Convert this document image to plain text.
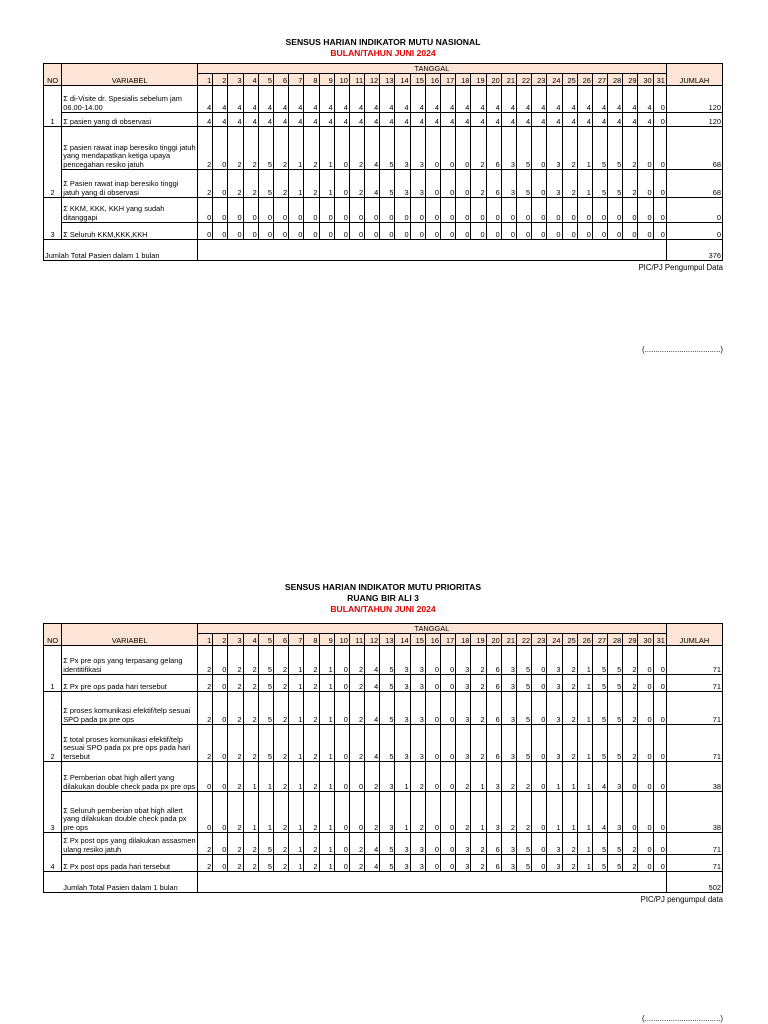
SENSUS HARIAN INDIKATOR MUTU NASIONAL
BULAN/TAHUN JUNI 2024
NO	VARIABEL	TANGGAL																															JUMLAH
		1	2	3	4	5	6	7	8	9	10	11	12	13	14	15	16	17	18	19	20	21	22	23	24	25	26	27	28	29	30	31	
1	Σ di-Visite dr. Spesialis sebelum jam 06.00-14.00	4	4	4	4	4	4	4	4	4	4	4	4	4	4	4	4	4	4	4	4	4	4	4	4	4	4	4	4	4	4	0	120
	Σ pasien yang di observasi	4	4	4	4	4	4	4	4	4	4	4	4	4	4	4	4	4	4	4	4	4	4	4	4	4	4	4	4	4	4	0	120
2	Σ pasien rawat inap beresiko tinggi jatuh yang mendapatkan ketiga upaya pencegahan resiko jatuh	2	0	2	2	5	2	1	2	1	0	2	4	5	3	3	0	0	0	2	6	3	5	0	3	2	1	5	5	2	0	0	68
	Σ Pasien rawat inap beresiko tinggi jatuh yang di observasi	2	0	2	2	5	2	1	2	1	0	2	4	5	3	3	0	0	0	2	6	3	5	0	3	2	1	5	5	2	0	0	68
3	Σ KKM, KKK, KKH yang sudah ditanggapi	0	0	0	0	0	0	0	0	0	0	0	0	0	0	0	0	0	0	0	0	0	0	0	0	0	0	0	0	0	0	0	0
	Σ Seluruh KKM,KKK,KKH	0	0	0	0	0	0	0	0	0	0	0	0	0	0	0	0	0	0	0	0	0	0	0	0	0	0	0	0	0	0	0	0
Jumlah Total Pasien dalam 1 bulan																																	376
PIC/PJ Pengumpul Data
(...................................)
SENSUS HARIAN INDIKATOR MUTU PRIORITAS
RUANG BIR ALI 3
BULAN/TAHUN JUNI 2024
NO	VARIABEL	TANGGAL																															JUMLAH
		1	2	3	4	5	6	7	8	9	10	11	12	13	14	15	16	17	18	19	20	21	22	23	24	25	26	27	28	29	30	31	
1	Σ Px pre ops yang terpasang gelang identitifikasi	2	0	2	2	5	2	1	2	1	0	2	4	5	3	3	0	0	3	2	6	3	5	0	3	2	1	5	5	2	0	0	71
	Σ Px pre ops pada hari tersebut	2	0	2	2	5	2	1	2	1	0	2	4	5	3	3	0	0	3	2	6	3	5	0	3	2	1	5	5	2	0	0	71
2	Σ proses komunikasi efektif/telp sesuai SPO pada px pre ops	2	0	2	2	5	2	1	2	1	0	2	4	5	3	3	0	0	3	2	6	3	5	0	3	2	1	5	5	2	0	0	71
	Σ total proses komunikasi efektif/telp sesuai SPO pada px pre ops pada hari tersebut	2	0	2	2	5	2	1	2	1	0	2	4	5	3	3	0	0	3	2	6	3	5	0	3	2	1	5	5	2	0	0	71
3	Σ Pemberian obat high allert yang dilakukan double check pada px pre ops	0	0	2	1	1	2	1	2	1	0	0	2	3	1	2	0	0	2	1	3	2	2	0	1	1	1	4	3	0	0	0	38
	Σ Seluruh pemberian obat high allert yang dilakukan double check pada px pre ops	0	0	2	1	1	2	1	2	1	0	0	2	3	1	2	0	0	2	1	3	2	2	0	1	1	1	4	3	0	0	0	38
4	Σ Px post ops yang dilakukan assasmen ulang resiko jatuh	2	0	2	2	5	2	1	2	1	0	2	4	5	3	3	0	0	3	2	6	3	5	0	3	2	1	5	5	2	0	0	71
	Σ Px post ops pada hari tersebut	2	0	2	2	5	2	1	2	1	0	2	4	5	3	3	0	0	3	2	6	3	5	0	3	2	1	5	5	2	0	0	71
Jumlah Total Pasien dalam 1 bulan																																	502
PIC/PJ pengumpul data
(...................................)
